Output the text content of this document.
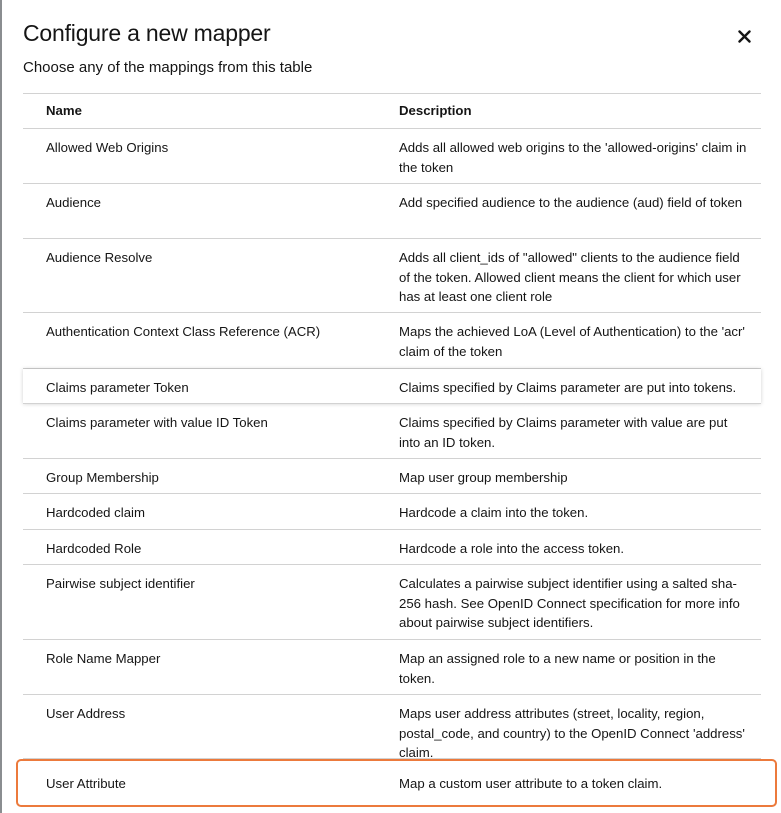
Configure a new mapper

Choose any of the mappings from this table

Name	Description
Allowed Web Origins	Adds all allowed web origins to the 'allowed-origins' claim in the token
Audience	Add specified audience to the audience (aud) field of token
Audience Resolve	Adds all client_ids of "allowed" clients to the audience field of the token. Allowed client means the client for which user has at least one client role
Authentication Context Class Reference (ACR)	Maps the achieved LoA (Level of Authentication) to the 'acr' claim of the token
Claims parameter Token	Claims specified by Claims parameter are put into tokens.
Claims parameter with value ID Token	Claims specified by Claims parameter with value are put into an ID token.
Group Membership	Map user group membership
Hardcoded claim	Hardcode a claim into the token.
Hardcoded Role	Hardcode a role into the access token.
Pairwise subject identifier	Calculates a pairwise subject identifier using a salted sha-256 hash. See OpenID Connect specification for more info about pairwise subject identifiers.
Role Name Mapper	Map an assigned role to a new name or position in the token.
User Address	Maps user address attributes (street, locality, region, postal_code, and country) to the OpenID Connect 'address' claim.
User Attribute	Map a custom user attribute to a token claim.
